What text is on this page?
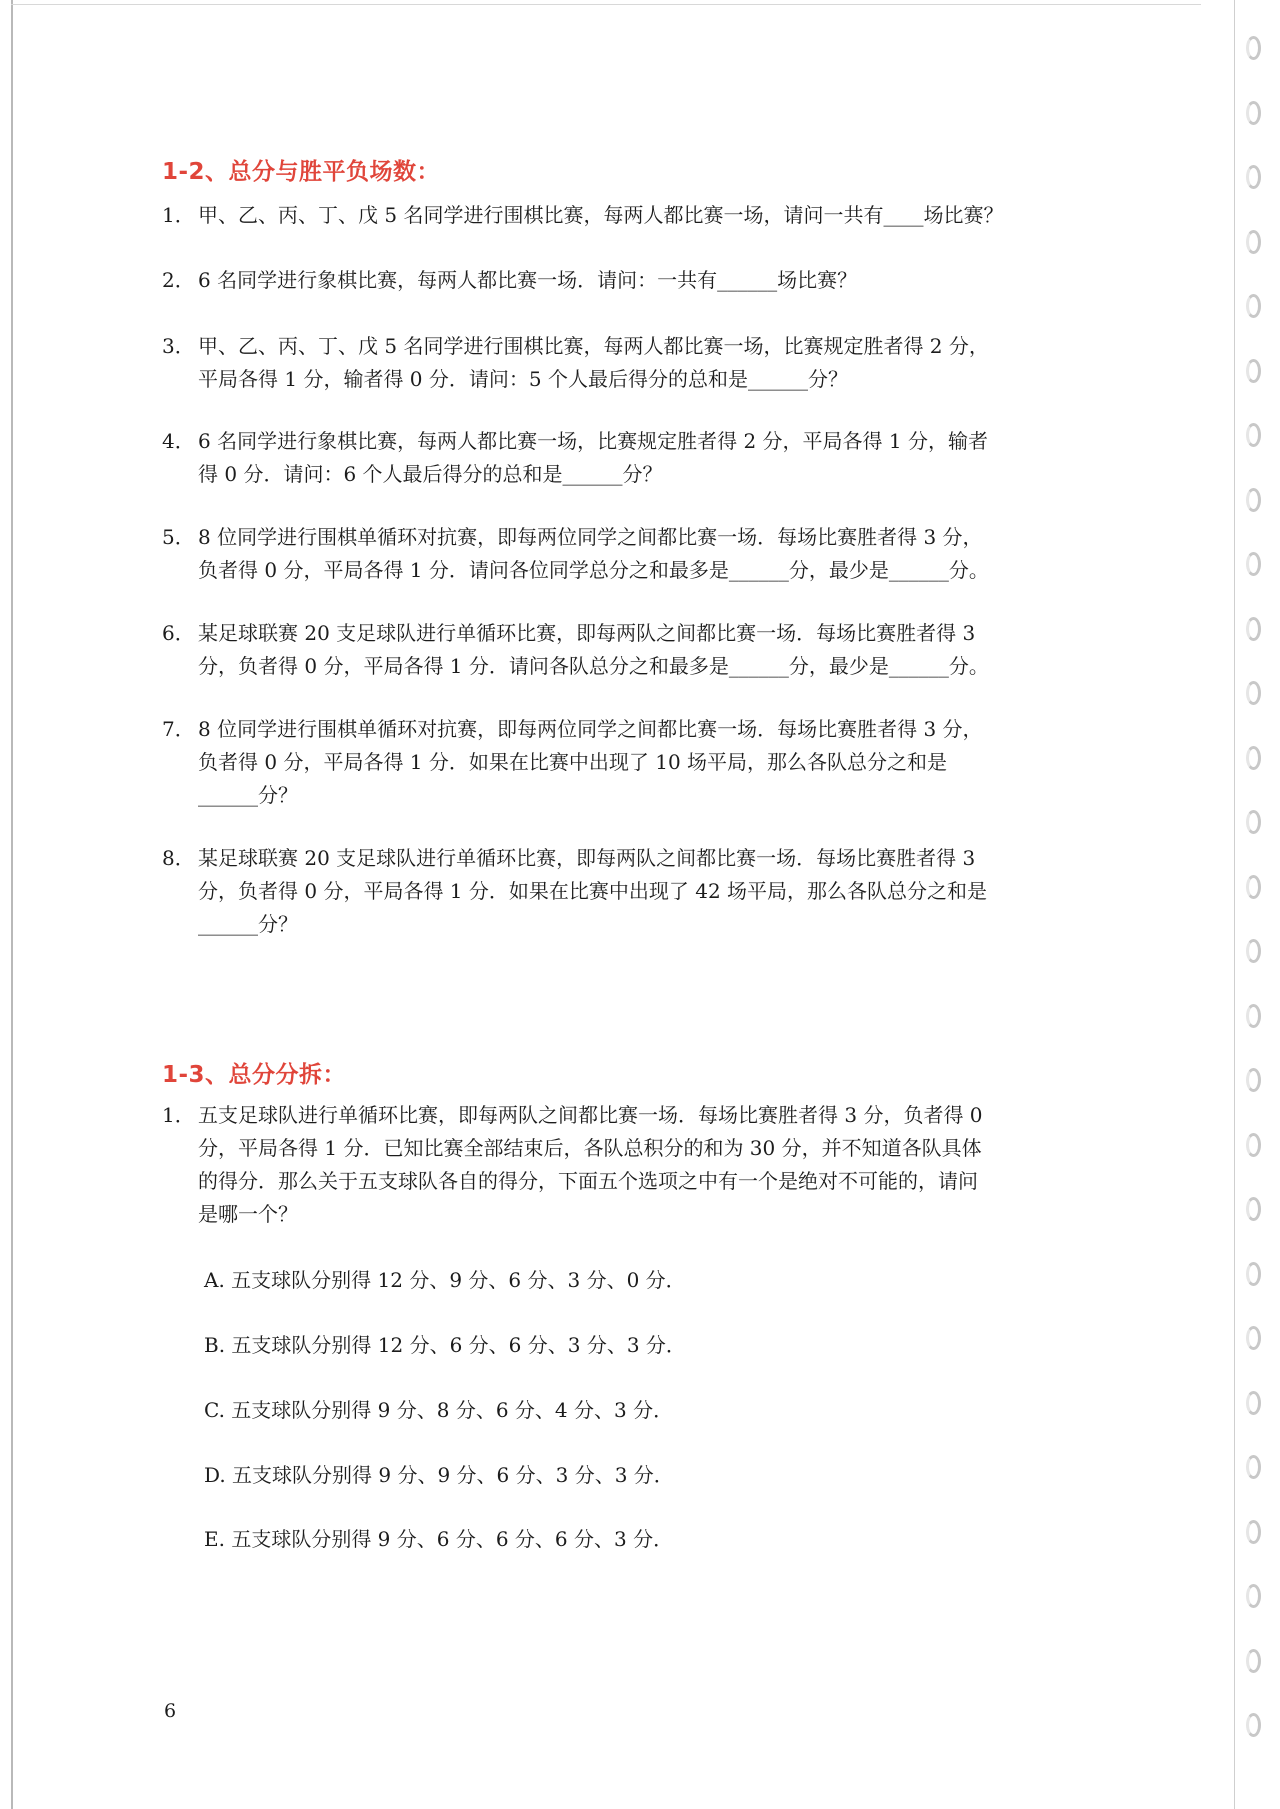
1-2、总分与胜平负场数：
1． 甲、乙、丙、丁、戊 5 名同学进行围棋比赛，每两人都比赛一场，请问一共有____场比赛？
2． 6 名同学进行象棋比赛，每两人都比赛一场．请问：一共有______场比赛？
3． 甲、乙、丙、丁、戊 5 名同学进行围棋比赛，每两人都比赛一场，比赛规定胜者得 2 分，
平局各得 1 分，输者得 0 分．请问：5 个人最后得分的总和是______分？
4． 6 名同学进行象棋比赛，每两人都比赛一场，比赛规定胜者得 2 分，平局各得 1 分，输者
得 0 分．请问：6 个人最后得分的总和是______分？
5． 8 位同学进行围棋单循环对抗赛，即每两位同学之间都比赛一场．每场比赛胜者得 3 分，
负者得 0 分，平局各得 1 分．请问各位同学总分之和最多是______分，最少是______分。
6． 某足球联赛 20 支足球队进行单循环比赛，即每两队之间都比赛一场．每场比赛胜者得 3
分，负者得 0 分，平局各得 1 分．请问各队总分之和最多是______分，最少是______分。
7． 8 位同学进行围棋单循环对抗赛，即每两位同学之间都比赛一场．每场比赛胜者得 3 分，
负者得 0 分，平局各得 1 分．如果在比赛中出现了 10 场平局，那么各队总分之和是
______分？
8． 某足球联赛 20 支足球队进行单循环比赛，即每两队之间都比赛一场．每场比赛胜者得 3
分，负者得 0 分，平局各得 1 分．如果在比赛中出现了 42 场平局，那么各队总分之和是
______分？
1-3、总分分拆：
1． 五支足球队进行单循环比赛，即每两队之间都比赛一场．每场比赛胜者得 3 分，负者得 0
分，平局各得 1 分．已知比赛全部结束后，各队总积分的和为 30 分，并不知道各队具体
的得分．那么关于五支球队各自的得分，下面五个选项之中有一个是绝对不可能的，请问
是哪一个？
A. 五支球队分别得 12 分、9 分、6 分、3 分、0 分．
B. 五支球队分别得 12 分、6 分、6 分、3 分、3 分．
C. 五支球队分别得 9 分、8 分、6 分、4 分、3 分．
D. 五支球队分别得 9 分、9 分、6 分、3 分、3 分．
E. 五支球队分别得 9 分、6 分、6 分、6 分、3 分．
6
